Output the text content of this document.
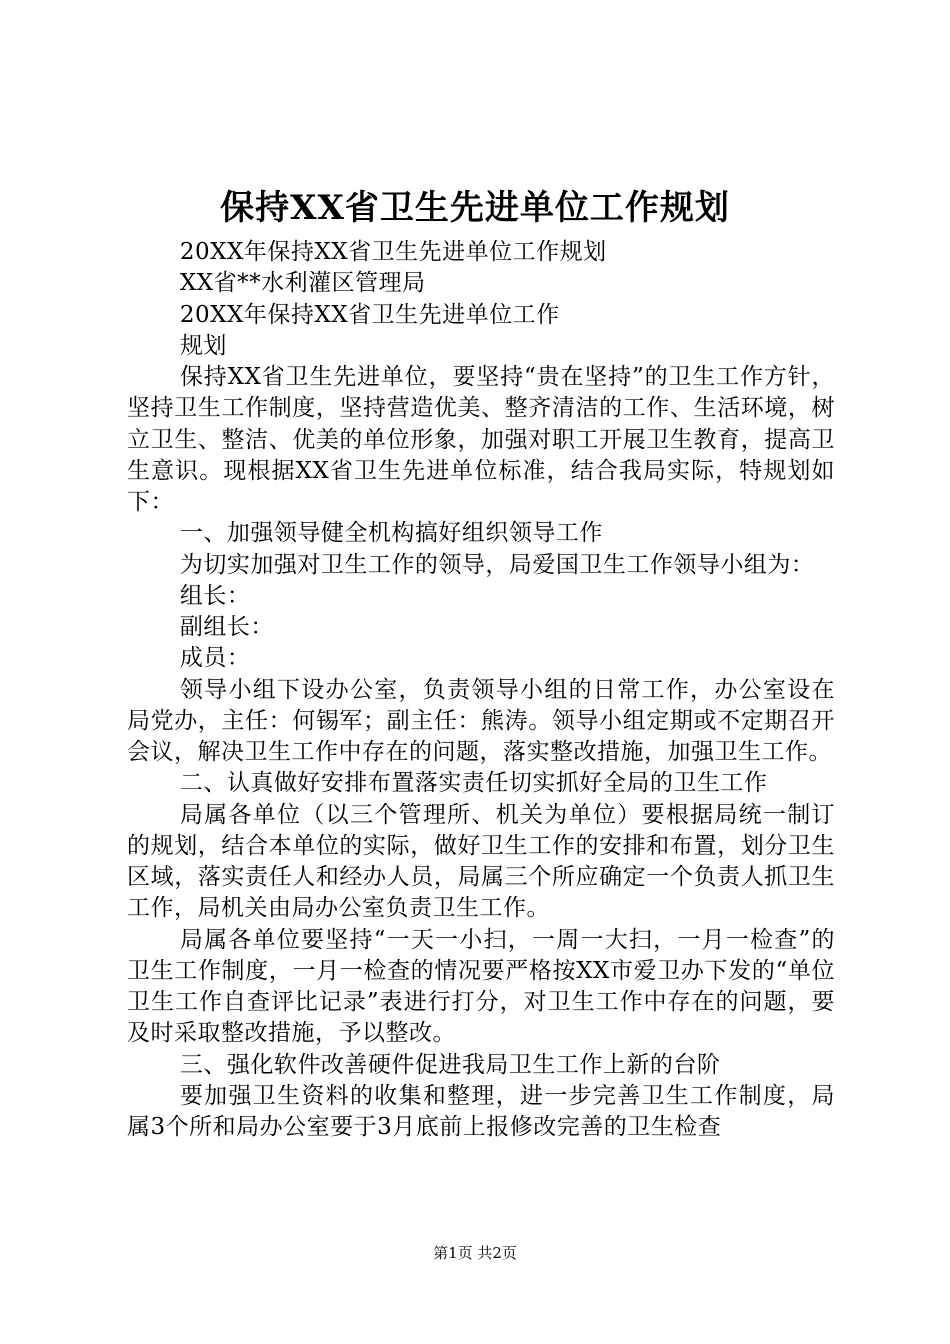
保持XX省卫生先进单位工作规划

20XX年保持XX省卫生先进单位工作规划

XX省**水利灌区管理局

20XX年保持XX省卫生先进单位工作

规划

保持XX省卫生先进单位，要坚持“贵在坚持”的卫生工作方针，坚持卫生工作制度，坚持营造优美、整齐清洁的工作、生活环境，树立卫生、整洁、优美的单位形象，加强对职工开展卫生教育，提高卫生意识。现根据XX省卫生先进单位标准，结合我局实际，特规划如下：

一、加强领导健全机构搞好组织领导工作

为切实加强对卫生工作的领导，局爱国卫生工作领导小组为：

组长：

副组长：

成员：

领导小组下设办公室，负责领导小组的日常工作，办公室设在局党办，主任：何锡军；副主任：熊涛。领导小组定期或不定期召开会议，解决卫生工作中存在的问题，落实整改措施，加强卫生工作。

二、认真做好安排布置落实责任切实抓好全局的卫生工作

局属各单位（以三个管理所、机关为单位）要根据局统一制订的规划，结合本单位的实际，做好卫生工作的安排和布置，划分卫生区域，落实责任人和经办人员，局属三个所应确定一个负责人抓卫生工作，局机关由局办公室负责卫生工作。

局属各单位要坚持“一天一小扫，一周一大扫，一月一检查”的卫生工作制度，一月一检查的情况要严格按XX市爱卫办下发的“单位卫生工作自查评比记录”表进行打分，对卫生工作中存在的问题，要及时采取整改措施，予以整改。

三、强化软件改善硬件促进我局卫生工作上新的台阶

要加强卫生资料的收集和整理，进一步完善卫生工作制度，局属3个所和局办公室要于3月底前上报修改完善的卫生检查

第1页 共2页
